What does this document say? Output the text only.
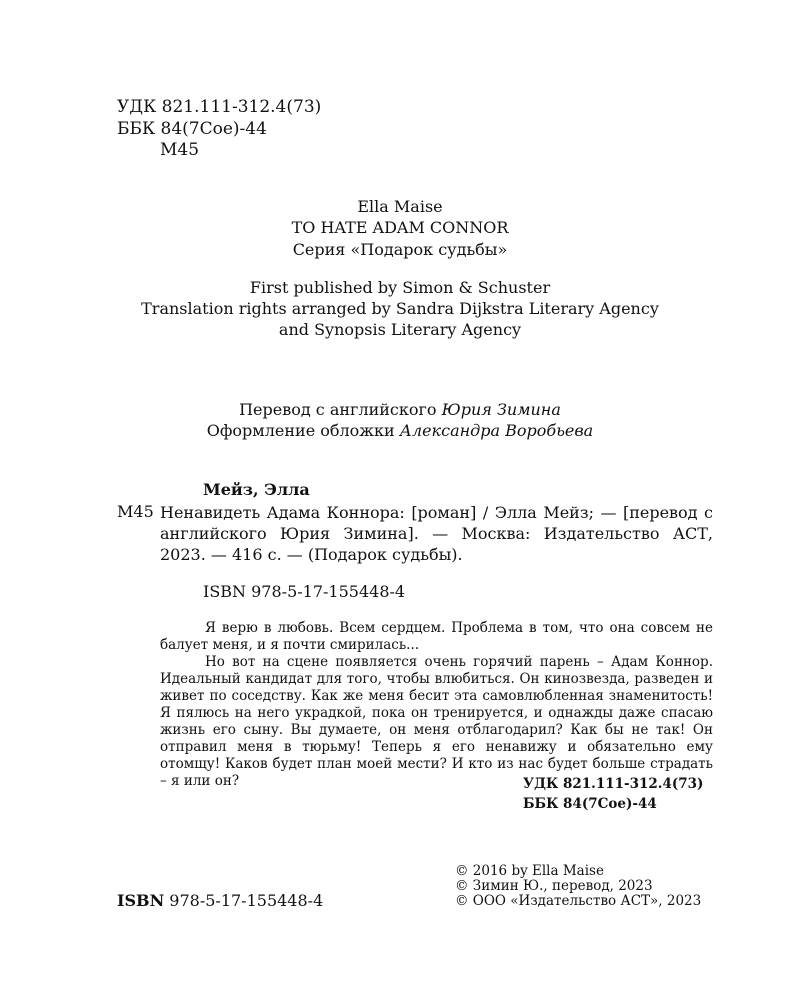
УДК 821.111-312.4(73)
ББК 84(7Сое)-44
М45
Ella Maise
TO HATE ADAM CONNOR
Серия «Подарок судьбы»
First published by Simon & Schuster
Translation rights arranged by Sandra Dijkstra Literary Agency
and Synopsis Literary Agency
Перевод с английского Юрия Зимина
Оформление обложки Александра Воробьева
Мейз, Элла
М45 Ненавидеть Адама Коннора: [роман] / Элла Мейз; — [перевод с английского Юрия Зимина]. — Москва: Издательство АСТ, 2023. — 416 с. — (Подарок судьбы).
ISBN 978-5-17-155448-4

Я верю в любовь. Всем сердцем. Проблема в том, что она совсем не балует меня, и я почти смирилась...

Но вот на сцене появляется очень горячий парень – Адам Коннор. Идеальный кандидат для того, чтобы влюбиться. Он кинозвезда, разведен и живет по соседству. Как же меня бесит эта самовлюбленная знаменитость! Я пялюсь на него украдкой, пока он тренируется, и однажды даже спасаю жизнь его сыну. Вы думаете, он меня отблагодарил? Как бы не так! Он отправил меня в тюрьму! Теперь я его ненавижу и обязательно ему отомщу! Каков будет план моей мести? И кто из нас будет больше страдать – я или он?	УДК 821.111-312.4(73)
ББК 84(7Сое)-44
ISBN 978-5-17-155448-4
© 2016 by Ella Maise
© Зимин Ю., перевод, 2023
© ООО «Издательство АСТ», 2023
